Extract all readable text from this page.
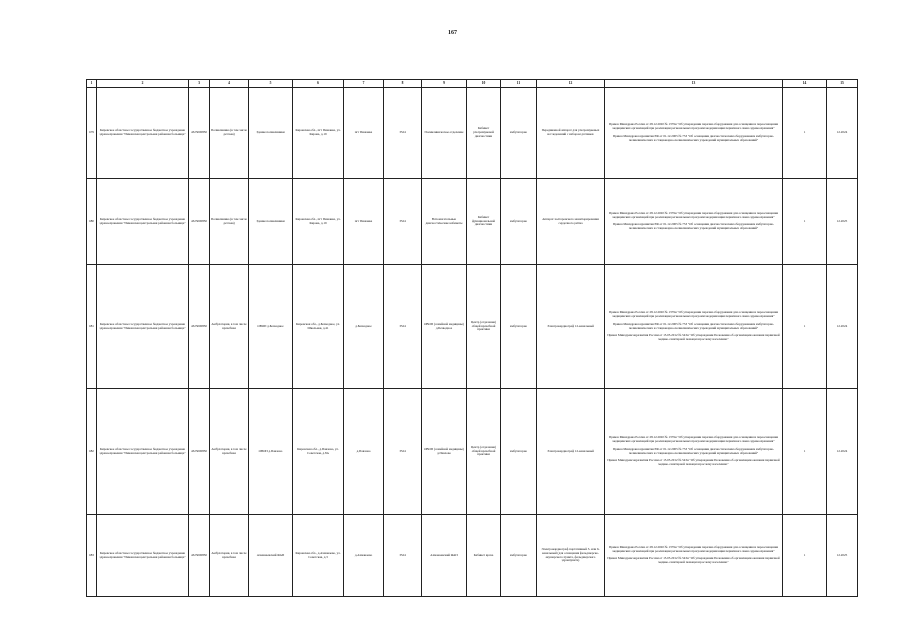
167
1	2	3	4	5	6	7	8	9	10	11	12	13	14	15
679	Кировское областное государственное бюджетное учреждение здравоохранения "Пижанская центральная районная больница"	4325000850	Поликлиника (в том числе детская)	Здание поликлиники	Кировская обл., пгт Пижанка, ул. Кирова, д.19	пгт Пижанка	3524	Поликлиническое отделение	Кабинет ультразвуковой диагностики	амбулаторно	Передвижной аппарат для ультразвуковых исследований с набором датчиков	Приказ Минздрава России от 28.12.2020 № 1379н "Об утверждении перечня оборудования для оснащения и переоснащения медицинских организаций при реализации региональных программ модернизации первичного звена здравоохранения"

Приказ Минздравсоцразвития РФ от 01.12.2005 № 753 "Об оснащении диагностическим оборудованием амбулаторно-поликлинических и стационарно-поликлинических учреждений муниципальных образований"	1	12.2024
680	Кировское областное государственное бюджетное учреждение здравоохранения "Пижанская центральная районная больница"	4325000850	Поликлиника (в том числе детская)	Здание поликлиники	Кировская обл., пгт Пижанка, ул. Кирова, д.19	пгт Пижанка	3524	Вспомогательные диагностические кабинеты	Кабинет функциональной диагностики	амбулаторно	Аппарат холтеровского мониторирования сердечного ритма	Приказ Минздрава России от 28.12.2020 № 1379н "Об утверждении перечня оборудования для оснащения и переоснащения медицинских организаций при реализации региональных программ модернизации первичного звена здравоохранения"

Приказ Минздравсоцразвития РФ от 01.12.2005 № 753 "Об оснащении диагностическим оборудованием амбулаторно-поликлинических и стационарно-поликлинических учреждений муниципальных образований"	1	12.2025
681	Кировское областное государственное бюджетное учреждение здравоохранения "Пижанская центральная районная больница"	4325000850	Амбулатория, в том числе врачебная	ОВОП д.Безводное	Кировская обл., д.Безводное, ул. Школьная, д.41	д.Безводное	3524	ОВОП (семейной медицины) д.Безводное	Центр (отделение) общей врачебной практики	амбулаторно	Электрокардиограф 12-канальный	Приказ Минздрава России от 28.12.2020 № 1379н "Об утверждении перечня оборудования для оснащения и переоснащения медицинских организаций при реализации региональных программ модернизации первичного звена здравоохранения"

Приказ Минздравсоцразвития РФ от 01.12.2005 № 753 "Об оснащении диагностическим оборудованием амбулаторно-поликлинических и стационарно-поликлинических учреждений муниципальных образований"

Приказ Минздравсоцразвития России от 15.05.2012 № 543н "Об утверждении Положения об организации оказания первичной медико-санитарной помощи взрослому населению"	1	12.2024
682	Кировское областное государственное бюджетное учреждение здравоохранения "Пижанская центральная районная больница"	4325000850	Амбулатория, в том числе врачебная	ОВОП д.Павлово	Кировская обл., д.Павлово, ул. Советская, д.8А	д.Павлово	3524	ОВОП (семейной медицины) д.Павлово	Центр (отделение) общей врачебной практики	амбулаторно	Электрокардиограф 12-канальный	Приказ Минздрава России от 28.12.2020 № 1379н "Об утверждении перечня оборудования для оснащения и переоснащения медицинских организаций при реализации региональных программ модернизации первичного звена здравоохранения"

Приказ Минздравсоцразвития РФ от 01.12.2005 № 753 "Об оснащении диагностическим оборудованием амбулаторно-поликлинических и стационарно-поликлинических учреждений муниципальных образований"

Приказ Минздравсоцразвития России от 15.05.2012 № 543н "Об утверждении Положения об организации оказания первичной медико-санитарной помощи взрослому населению"	1	12.2024
683	Кировское областное государственное бюджетное учреждение здравоохранения "Пижанская центральная районная больница"	4325000850	Амбулатория, в том числе врачебная	Ахманаевский ФАП	Кировская обл., д.Ахманаево, ул. Советская, д.3	д.Ахманаево	3524	Ахманаевский ФАП	Кабинет врача	амбулаторно	Электрокардиограф портативный 3- или 6-канальный (для оснащения фельдшерско-акушерского пункта, фельдшерского здравпункта)	Приказ Минздрава России от 28.12.2020 № 1379н "Об утверждении перечня оборудования для оснащения и переоснащения медицинских организаций при реализации региональных программ модернизации первичного звена здравоохранения"

Приказ Минздравсоцразвития России от 15.05.2012 № 543н "Об утверждении Положения об организации оказания первичной медико-санитарной помощи взрослому населению"	1	12.2025
